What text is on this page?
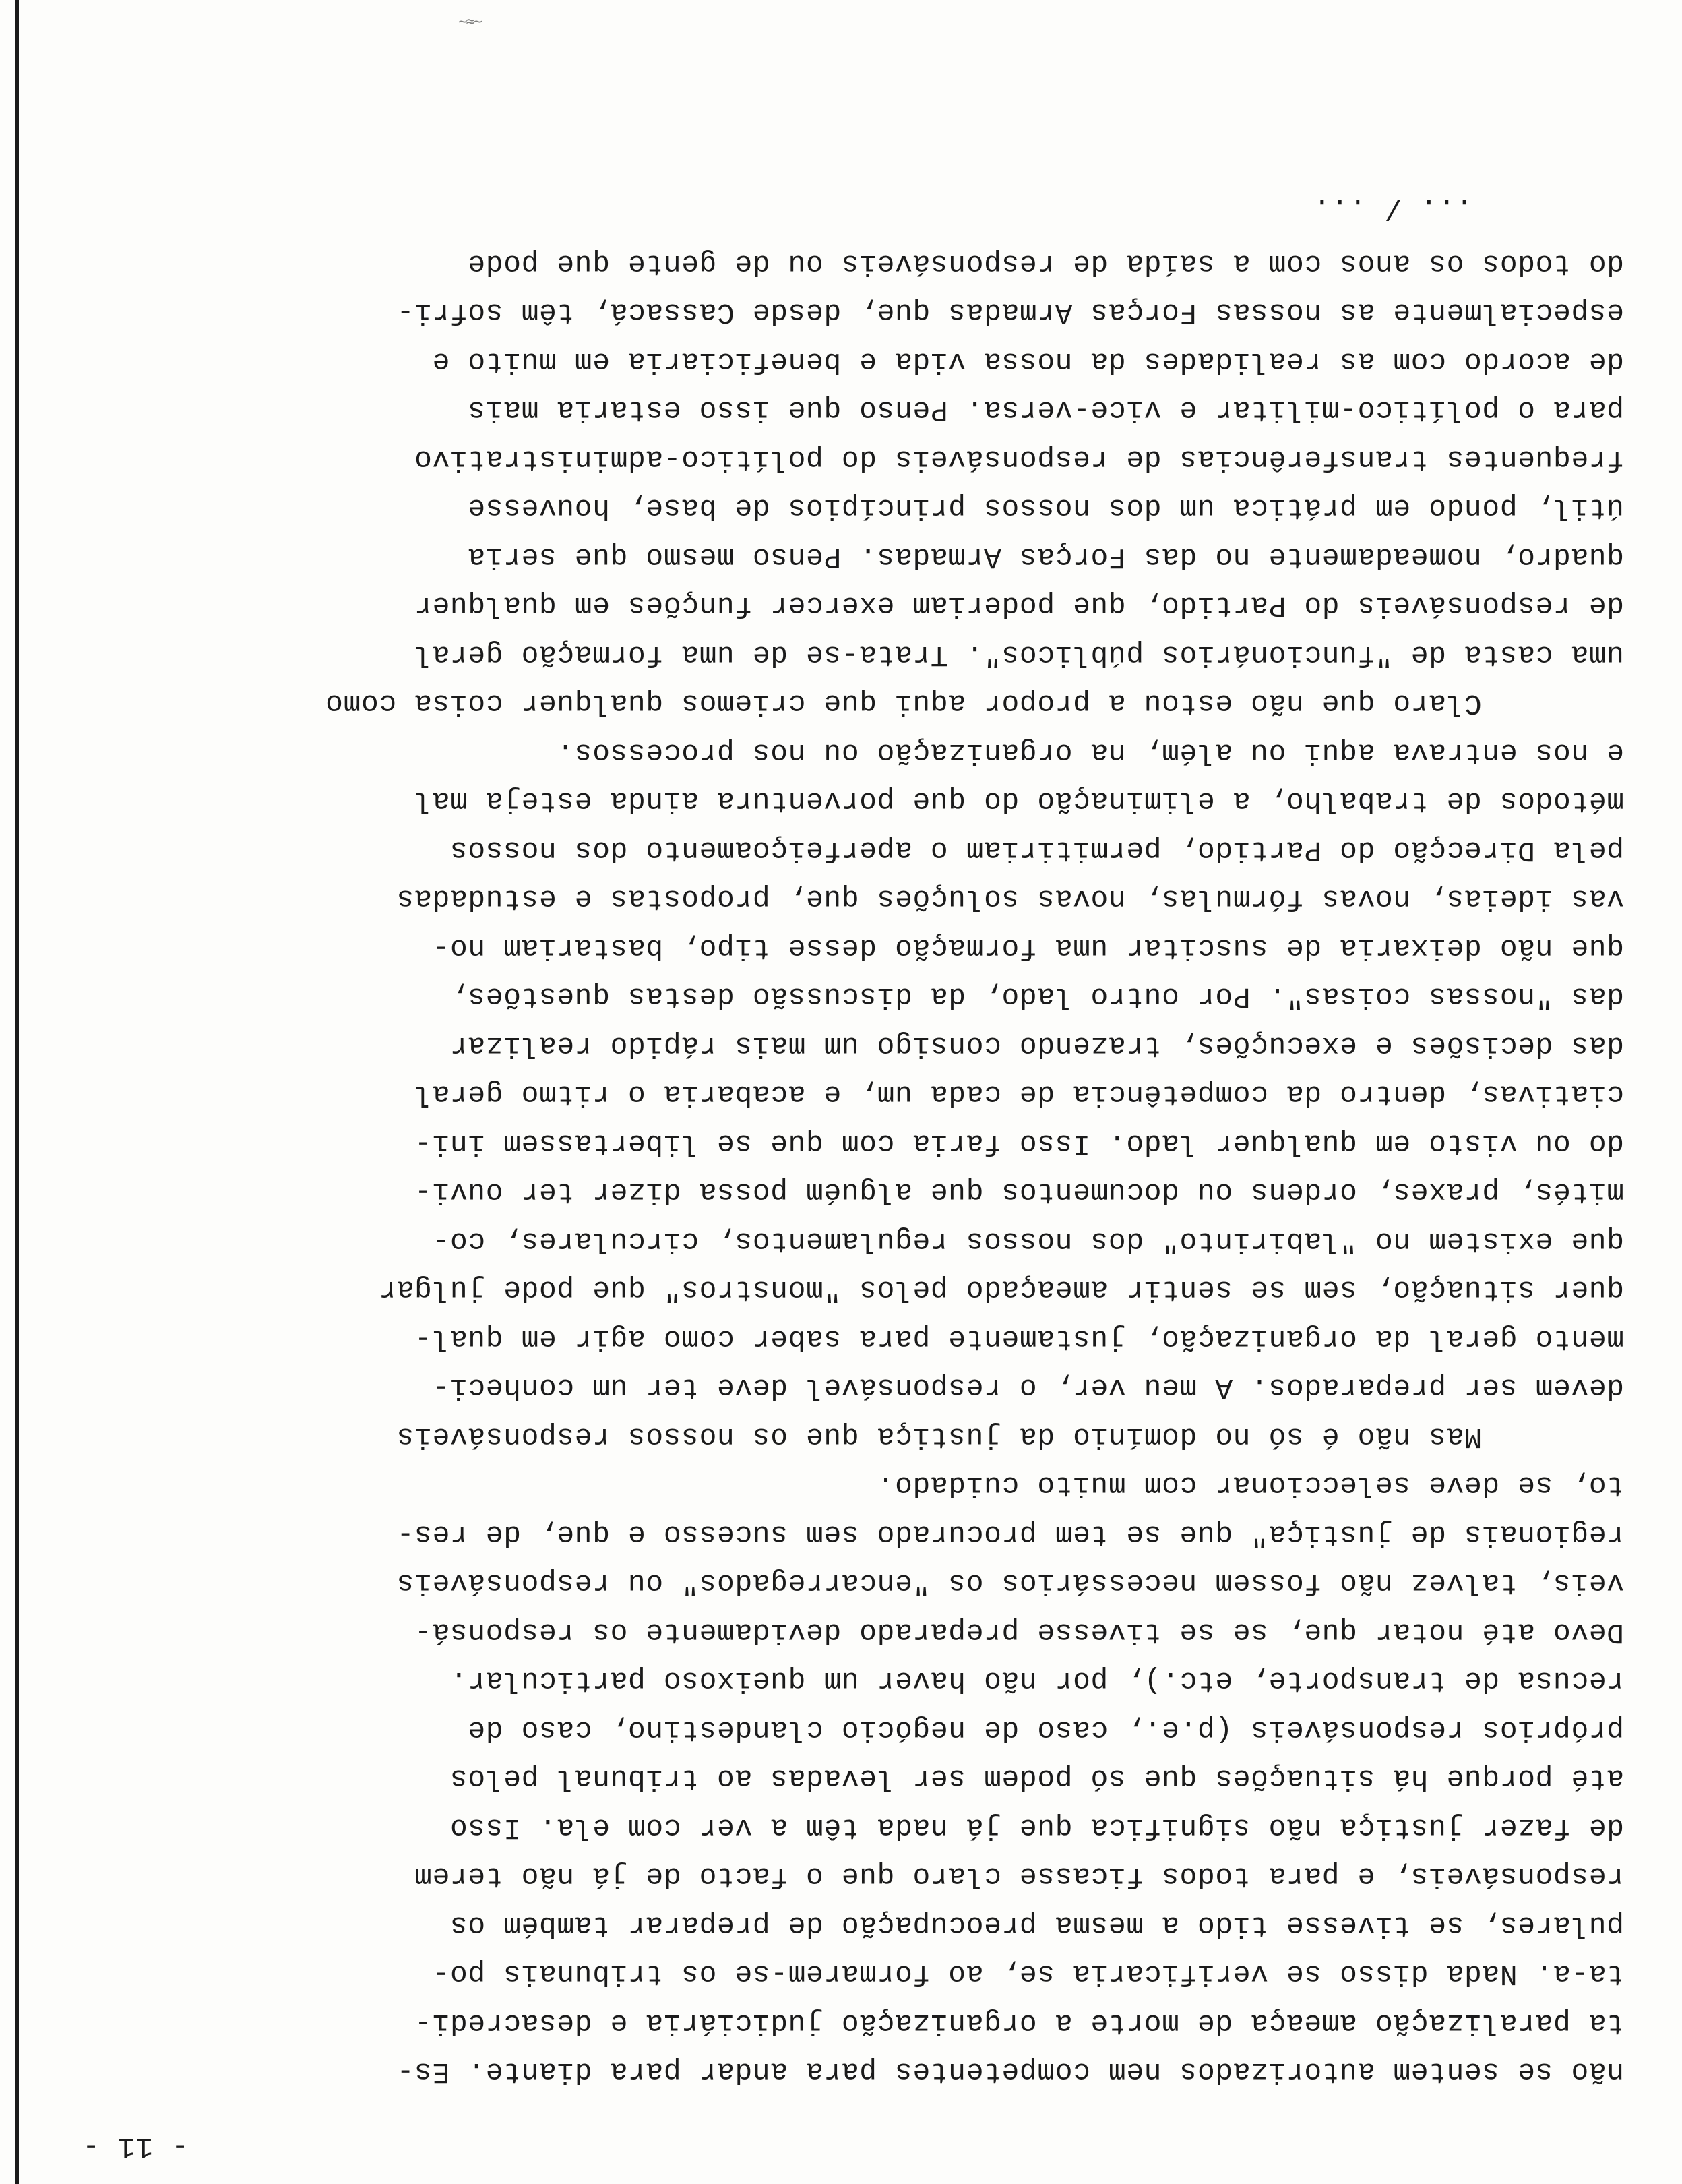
~≈~
- 11 -
não se sentem autorizados nem competentes para andar para diante. Es-
ta paralização ameaça de morte a organização judiciária e desacredi-
ta-a. Nada disso se verificaria se, ao formarem-se os tribunais po-
pulares, se tivesse tido a mesma preocupação de preparar também os
responsáveis, e para todos ficasse claro que o facto de já não terem
de fazer justiça não significa que já nada têm a ver com ela. Isso
até porque há situações que só podem ser levadas ao tribunal pelos
próprios responsáveis (p.e., caso de negócio clandestino, caso de
recusa de transporte, etc.), por não haver um queixoso particular.
Devo até notar que, se se tivesse preparado devidamente os responsá-
veis, talvez não fossem necessários os "encarregados" ou responsáveis
regionais de justiça" que se tem procurado sem sucesso e que, de res-
to, se deve seleccionar com muito cuidado.
Mas não é só no domínio da justiça que os nossos responsáveis
devem ser preparados. A meu ver, o responsável deve ter um conheci-
mento geral da organização, justamente para saber como agir em qual-
quer situação, sem se sentir ameaçado pelos "monstros" que pode julgar
que existem no "labirinto" dos nossos regulamentos, circulares, co-
mités, praxes, ordens ou documentos que alguém possa dizer ter ouvi-
do ou visto em qualquer lado. Isso faria com que se libertassem ini-
ciativas, dentro da competência de cada um, e acabaria o ritmo geral
das decisões e execuções, trazendo consigo um mais rápido realizar
das "nossas coisas". Por outro lado, da discussão destas questões,
que não deixaria de suscitar uma formação desse tipo, bastariam no-
vas ideias, novas fórmulas, novas soluções que, propostas e estudadas
pela Direcção do Partido, permitiriam o aperfeiçoamento dos nossos
métodos de trabalho, a eliminação do que porventura ainda esteja mal
e nos entrava aqui ou além, na organização ou nos processos.
Claro que não estou a propor aqui que criemos qualquer coisa como
uma casta de "funcionários públicos". Trata-se de uma formação geral
de responsáveis do Partido, que poderiam exercer funções em qualquer
quadro, nomeadamente no das Forças Armadas. Penso mesmo que seria
útil, pondo em prática um dos nossos princípios de base, houvesse
frequentes transferências de responsáveis do político-administrativo
para o político-militar e vice-versa. Penso que isso estaria mais
de acordo com as realidades da nossa vida e beneficiaria em muito e
especialmente as nossas Forças Armadas que, desde Cassacá, têm sofri-
do todos os anos com a saída de responsáveis ou de gente que pode
... / ...
